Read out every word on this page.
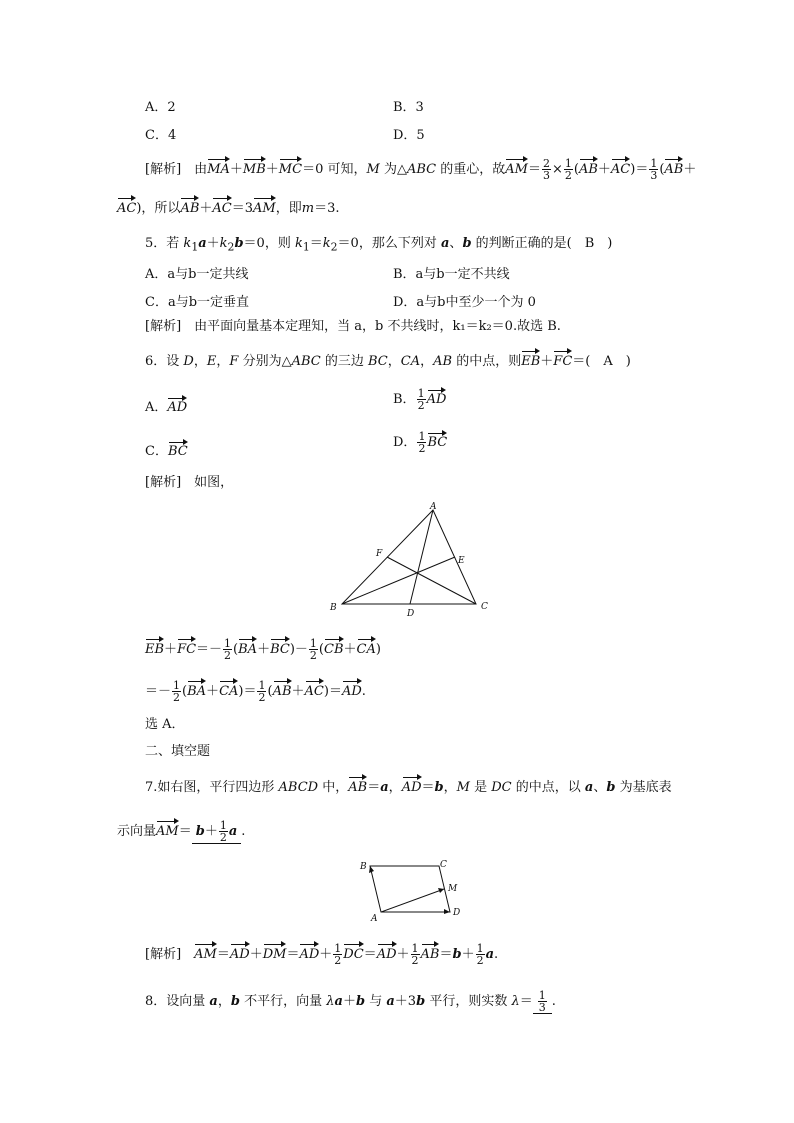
A．2	B．3
C．4	D．5
[解析]　 由MA＋MB＋MC＝0 可知，M 为△ABC 的重心，故$AM= \frac{2}{3} \times \frac{1}{2} (AB+AC)= \frac{1}{3} (AB+$
AC)，所以AB＋AC＝3AM，即m＝3.
5．若 $k_1a+k_2b=0$，则 $k_1=k_2=0$，那么下列对 a、b 的判断正确的是(　B　)
A．a与b一定共线	B．a与b一定不共线
C．a与b一定垂直	D．a与b中至少一个为 0
[解析]　 由平面向量基本定理知，当 a，b 不共线时，k₁＝k₂＝0.故选 B.
6．设 D，E，F 分别为△ABC 的三边 BC，CA，AB 的中点，则EB＋FC＝(　A　)
A．AD
B． $\frac{1}{2}$ AD
C．BC
D． $\frac{1}{2}$ BC
[解析]　 如图，
A
B	C
D
E
F
$EB+FC=- \frac{1}{2} (BA+BC)- \frac{1}{2} (CB+CA)$
＝－ $\frac{1}{2} (BA+CA)= \frac{1}{2} (AB+AC)=AD$.
选 A．
二、填空题
7.如右图，平行四边形 ABCD 中，AB＝a，AD＝b，M 是 DC 的中点，以 a、b 为基底表
示向量$AM= b+ \frac{1}{2}$ a .
A
B	C
D
M
[解析]　 $AM=AD+DM=AD+ \frac{1}{2} DC=AD+ \frac{1}{2} AB=b+ \frac{1}{2} a$.
8．设向量 a，b 不平行，向量 λa＋b 与 a＋3b 平行，则实数 $\lambda= \frac{1}{3}$ .
